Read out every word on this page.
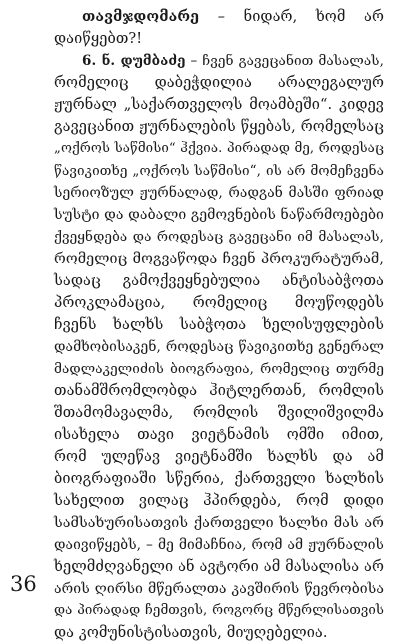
თავმჯდომარე – ნიდარ, ხომ არ
დაიწყებთ?!
6. ნ. დუმბაძე – ჩვენ გავეცანით მასალას,
რომელიც დაბეჭდილია არალეგალურ
ჟურნალ „საქართველოს მოამბეში“. კიდევ
გავეცანით ჟურნალების წყებას, რომელსაც
„ოქროს საწმისი“ ჰქვია. პირადად მე, როდესაც
წავიკითხე „ოქროს საწმისი“, ის არ მომეჩვენა
სერიოზულ ჟურნალად, რადგან მასში ფრიად
სუსტი და დაბალი გემოვნების ნაწარმოებები
ქვეყნდება და როდესაც გავეცანი იმ მასალას,
რომელიც მოგვაწოდა ჩვენ პროკურატურამ,
სადაც გამოქვეყნებულია ანტისაბჭოთა
პროკლამაცია, რომელიც მოუწოდებს
ჩვენს ხალხს საბჭოთა ხელისუფლების
დამხობისაკენ, როდესაც წავიკითხე გენერალ
მადლაკელიძის ბიოგრაფია, რომელიც თურმე
თანამშრომლობდა ჰიტლერთან, რომლის
შთამომავალმა, რომლის შვილიშვილმა
ისახელა თავი ვიეტნამის ომში იმით,
რომ ულეწავ ვიეტნამში ხალხს და ამ
ბიოგრაფიაში სწერია, ქართველი ხალხის
სახელით ვილაც ჰპირდება, რომ დიდი
სამსახურისათვის ქართველი ხალხი მას არ
დაივიწყებს, – მე მიმაჩნია, რომ ამ ჟურნალის
ხელმძღვანელი ან ავტორი ამ მასალისა არ
არის ღირსი მწერალთა კავშირის წევრობისა
და პირადად ჩემთვის, როგორც მწერლისათვის
და კომუნისტისათვის, მიუღებელია.
36
